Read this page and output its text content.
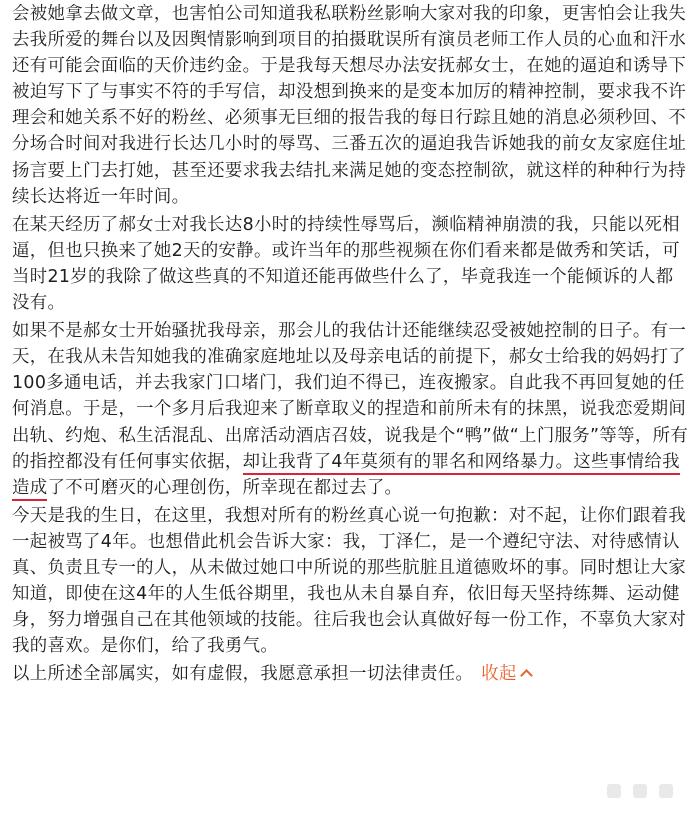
会被她拿去做文章，也害怕公司知道我私联粉丝影响大家对我的印象，更害怕会让我失去我所爱的舞台以及因舆情影响到项目的拍摄耽误所有演员老师工作人员的心血和汗水还有可能会面临的天价违约金。于是我每天想尽办法安抚郝女士，在她的逼迫和诱导下被迫写下了与事实不符的手写信，却没想到换来的是变本加厉的精神控制，要求我不许理会和她关系不好的粉丝、必须事无巨细的报告我的每日行踪且她的消息必须秒回、不分场合时间对我进行长达几小时的辱骂、三番五次的逼迫我告诉她我的前女友家庭住址扬言要上门去打她，甚至还要求我去结扎来满足她的变态控制欲，就这样的种种行为持续长达将近一年时间。

在某天经历了郝女士对我长达8小时的持续性辱骂后，濒临精神崩溃的我，只能以死相逼，但也只换来了她2天的安静。或许当年的那些视频在你们看来都是做秀和笑话，可当时21岁的我除了做这些真的不知道还能再做些什么了，毕竟我连一个能倾诉的人都没有。

如果不是郝女士开始骚扰我母亲，那会儿的我估计还能继续忍受被她控制的日子。有一天，在我从未告知她我的准确家庭地址以及母亲电话的前提下，郝女士给我的妈妈打了100多通电话，并去我家门口堵门，我们迫不得已，连夜搬家。自此我不再回复她的任何消息。于是，一个多月后我迎来了断章取义的捏造和前所未有的抹黑，说我恋爱期间出轨、约炮、私生活混乱、出席活动酒店召妓，说我是个“鸭”做“上门服务”等等，所有的指控都没有任何事实依据，却让我背了4年莫须有的罪名和网络暴力。这些事情给我造成了不可磨灭的心理创伤，所幸现在都过去了。

今天是我的生日，在这里，我想对所有的粉丝真心说一句抱歉：对不起，让你们跟着我一起被骂了4年。也想借此机会告诉大家：我，丁泽仁，是一个遵纪守法、对待感情认真、负责且专一的人，从未做过她口中所说的那些肮脏且道德败坏的事。同时想让大家知道，即使在这4年的人生低谷期里，我也从未自暴自弃，依旧每天坚持练舞、运动健身，努力增强自己在其他领域的技能。往后我也会认真做好每一份工作，不辜负大家对我的喜欢。是你们，给了我勇气。

以上所述全部属实，如有虚假，我愿意承担一切法律责任。 收起
